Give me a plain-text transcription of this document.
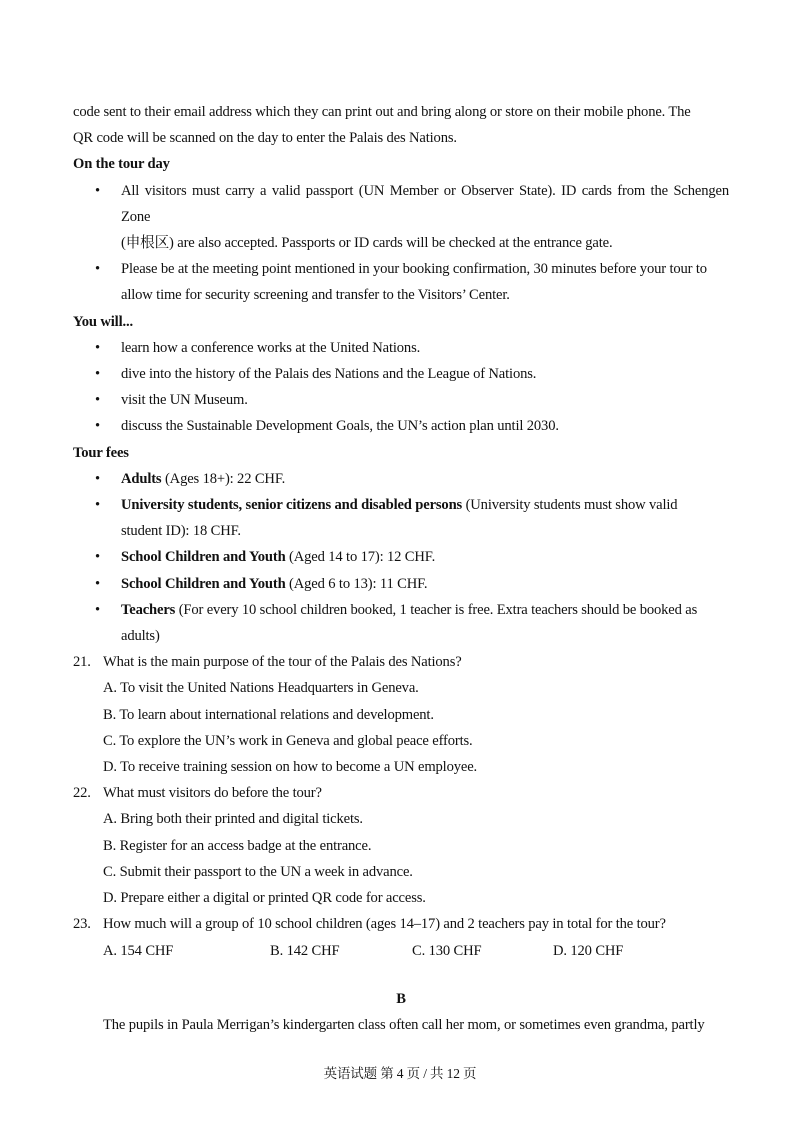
code sent to their email address which they can print out and bring along or store on their mobile phone. The
QR code will be scanned on the day to enter the Palais des Nations.
On the tour day
• All visitors must carry a valid passport (UN Member or Observer State). ID cards from the Schengen Zone
(申根区) are also accepted. Passports or ID cards will be checked at the entrance gate.
• Please be at the meeting point mentioned in your booking confirmation, 30 minutes before your tour to
allow time for security screening and transfer to the Visitors’ Center.
You will...
• learn how a conference works at the United Nations.
• dive into the history of the Palais des Nations and the League of Nations.
• visit the UN Museum.
• discuss the Sustainable Development Goals, the UN’s action plan until 2030.
Tour fees
• Adults (Ages 18+): 22 CHF.
• University students, senior citizens and disabled persons (University students must show valid
student ID): 18 CHF.
• School Children and Youth (Aged 14 to 17): 12 CHF.
• School Children and Youth (Aged 6 to 13): 11 CHF.
• Teachers (For every 10 school children booked, 1 teacher is free. Extra teachers should be booked as
adults)
21. What is the main purpose of the tour of the Palais des Nations?
A. To visit the United Nations Headquarters in Geneva.
B. To learn about international relations and development.
C. To explore the UN’s work in Geneva and global peace efforts.
D. To receive training session on how to become a UN employee.
22. What must visitors do before the tour?
A. Bring both their printed and digital tickets.
B. Register for an access badge at the entrance.
C. Submit their passport to the UN a week in advance.
D. Prepare either a digital or printed QR code for access.
23. How much will a group of 10 school children (ages 14–17) and 2 teachers pay in total for the tour?
A. 154 CHF	B. 142 CHF	C. 130 CHF	D. 120 CHF
B
The pupils in Paula Merrigan’s kindergarten class often call her mom, or sometimes even grandma, partly
英语试题 第 4 页 / 共 12 页
